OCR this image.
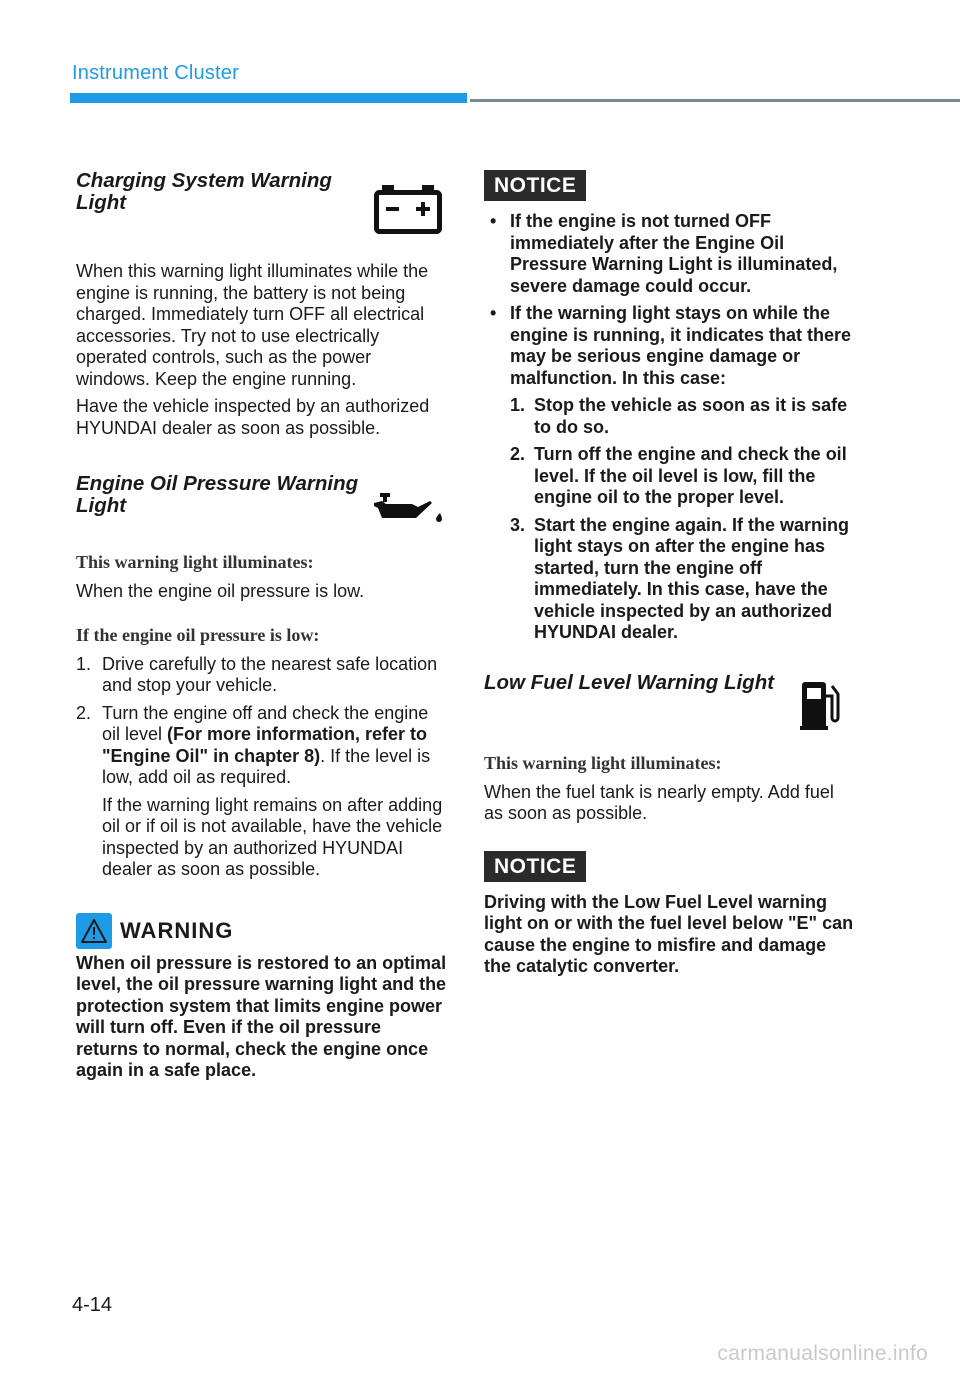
Instrument Cluster
Charging System Warning Light

When this warning light illuminates while the engine is running, the battery is not being charged. Immediately turn OFF all electrical accessories. Try not to use electrically operated controls, such as the power windows. Keep the engine running.

Have the vehicle inspected by an authorized HYUNDAI dealer as soon as possible.

Engine Oil Pressure Warning Light
This warning light illuminates:

When the engine oil pressure is low.

If the engine oil pressure is low:
1. Drive carefully to the nearest safe location and stop your vehicle.
2. Turn the engine off and check the engine oil level (For more information, refer to "Engine Oil" in chapter 8). If the level is low, add oil as required.
If the warning light remains on after adding oil or if oil is not available, have the vehicle inspected by an authorized HYUNDAI dealer as soon as possible.
WARNING
When oil pressure is restored to an optimal level, the oil pressure warning light and the protection system that limits engine power will turn off. Even if the oil pressure returns to normal, check the engine once again in a safe place.
NOTICE
• If the engine is not turned OFF immediately after the Engine Oil Pressure Warning Light is illuminated, severe damage could occur.
• If the warning light stays on while the engine is running, it indicates that there may be serious engine damage or malfunction. In this case:
1. Stop the vehicle as soon as it is safe to do so.
2. Turn off the engine and check the oil level. If the oil level is low, fill the engine oil to the proper level.
3. Start the engine again. If the warning light stays on after the engine has started, turn the engine off immediately. In this case, have the vehicle inspected by an authorized HYUNDAI dealer.
Low Fuel Level Warning Light
This warning light illuminates:

When the fuel tank is nearly empty. Add fuel as soon as possible.

NOTICE

Driving with the Low Fuel Level warning light on or with the fuel level below "E" can cause the engine to misfire and damage the catalytic converter.

4-14
carmanualsonline.info
